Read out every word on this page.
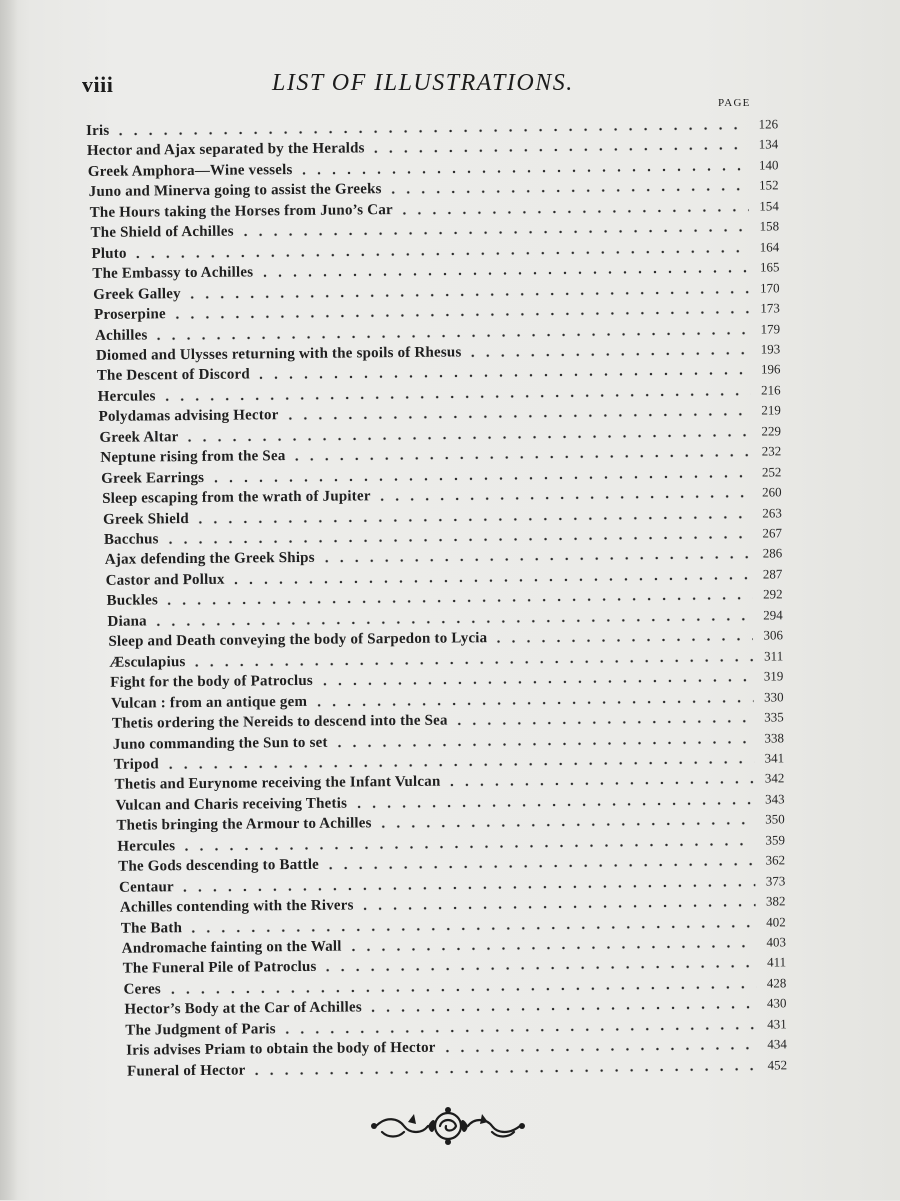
viii	LIST OF ILLUSTRATIONS.
PAGE
Iris	126
Hector and Ajax separated by the Heralds	134
Greek Amphora—Wine vessels	140
Juno and Minerva going to assist the Greeks	152
The Hours taking the Horses from Juno’s Car	154
The Shield of Achilles	158
Pluto	164
The Embassy to Achilles	165
Greek Galley	170
Proserpine	173
Achilles	179
Diomed and Ulysses returning with the spoils of Rhesus	193
The Descent of Discord	196
Hercules	216
Polydamas advising Hector	219
Greek Altar	229
Neptune rising from the Sea	232
Greek Earrings	252
Sleep escaping from the wrath of Jupiter	260
Greek Shield	263
Bacchus	267
Ajax defending the Greek Ships	286
Castor and Pollux	287
Buckles	292
Diana	294
Sleep and Death conveying the body of Sarpedon to Lycia	306
Æsculapius	311
Fight for the body of Patroclus	319
Vulcan : from an antique gem	330
Thetis ordering the Nereids to descend into the Sea	335
Juno commanding the Sun to set	338
Tripod	341
Thetis and Eurynome receiving the Infant Vulcan	342
Vulcan and Charis receiving Thetis	343
Thetis bringing the Armour to Achilles	350
Hercules	359
The Gods descending to Battle	362
Centaur	373
Achilles contending with the Rivers	382
The Bath	402
Andromache fainting on the Wall	403
The Funeral Pile of Patroclus	411
Ceres	428
Hector’s Body at the Car of Achilles	430
The Judgment of Paris	431
Iris advises Priam to obtain the body of Hector	434
Funeral of Hector	452
